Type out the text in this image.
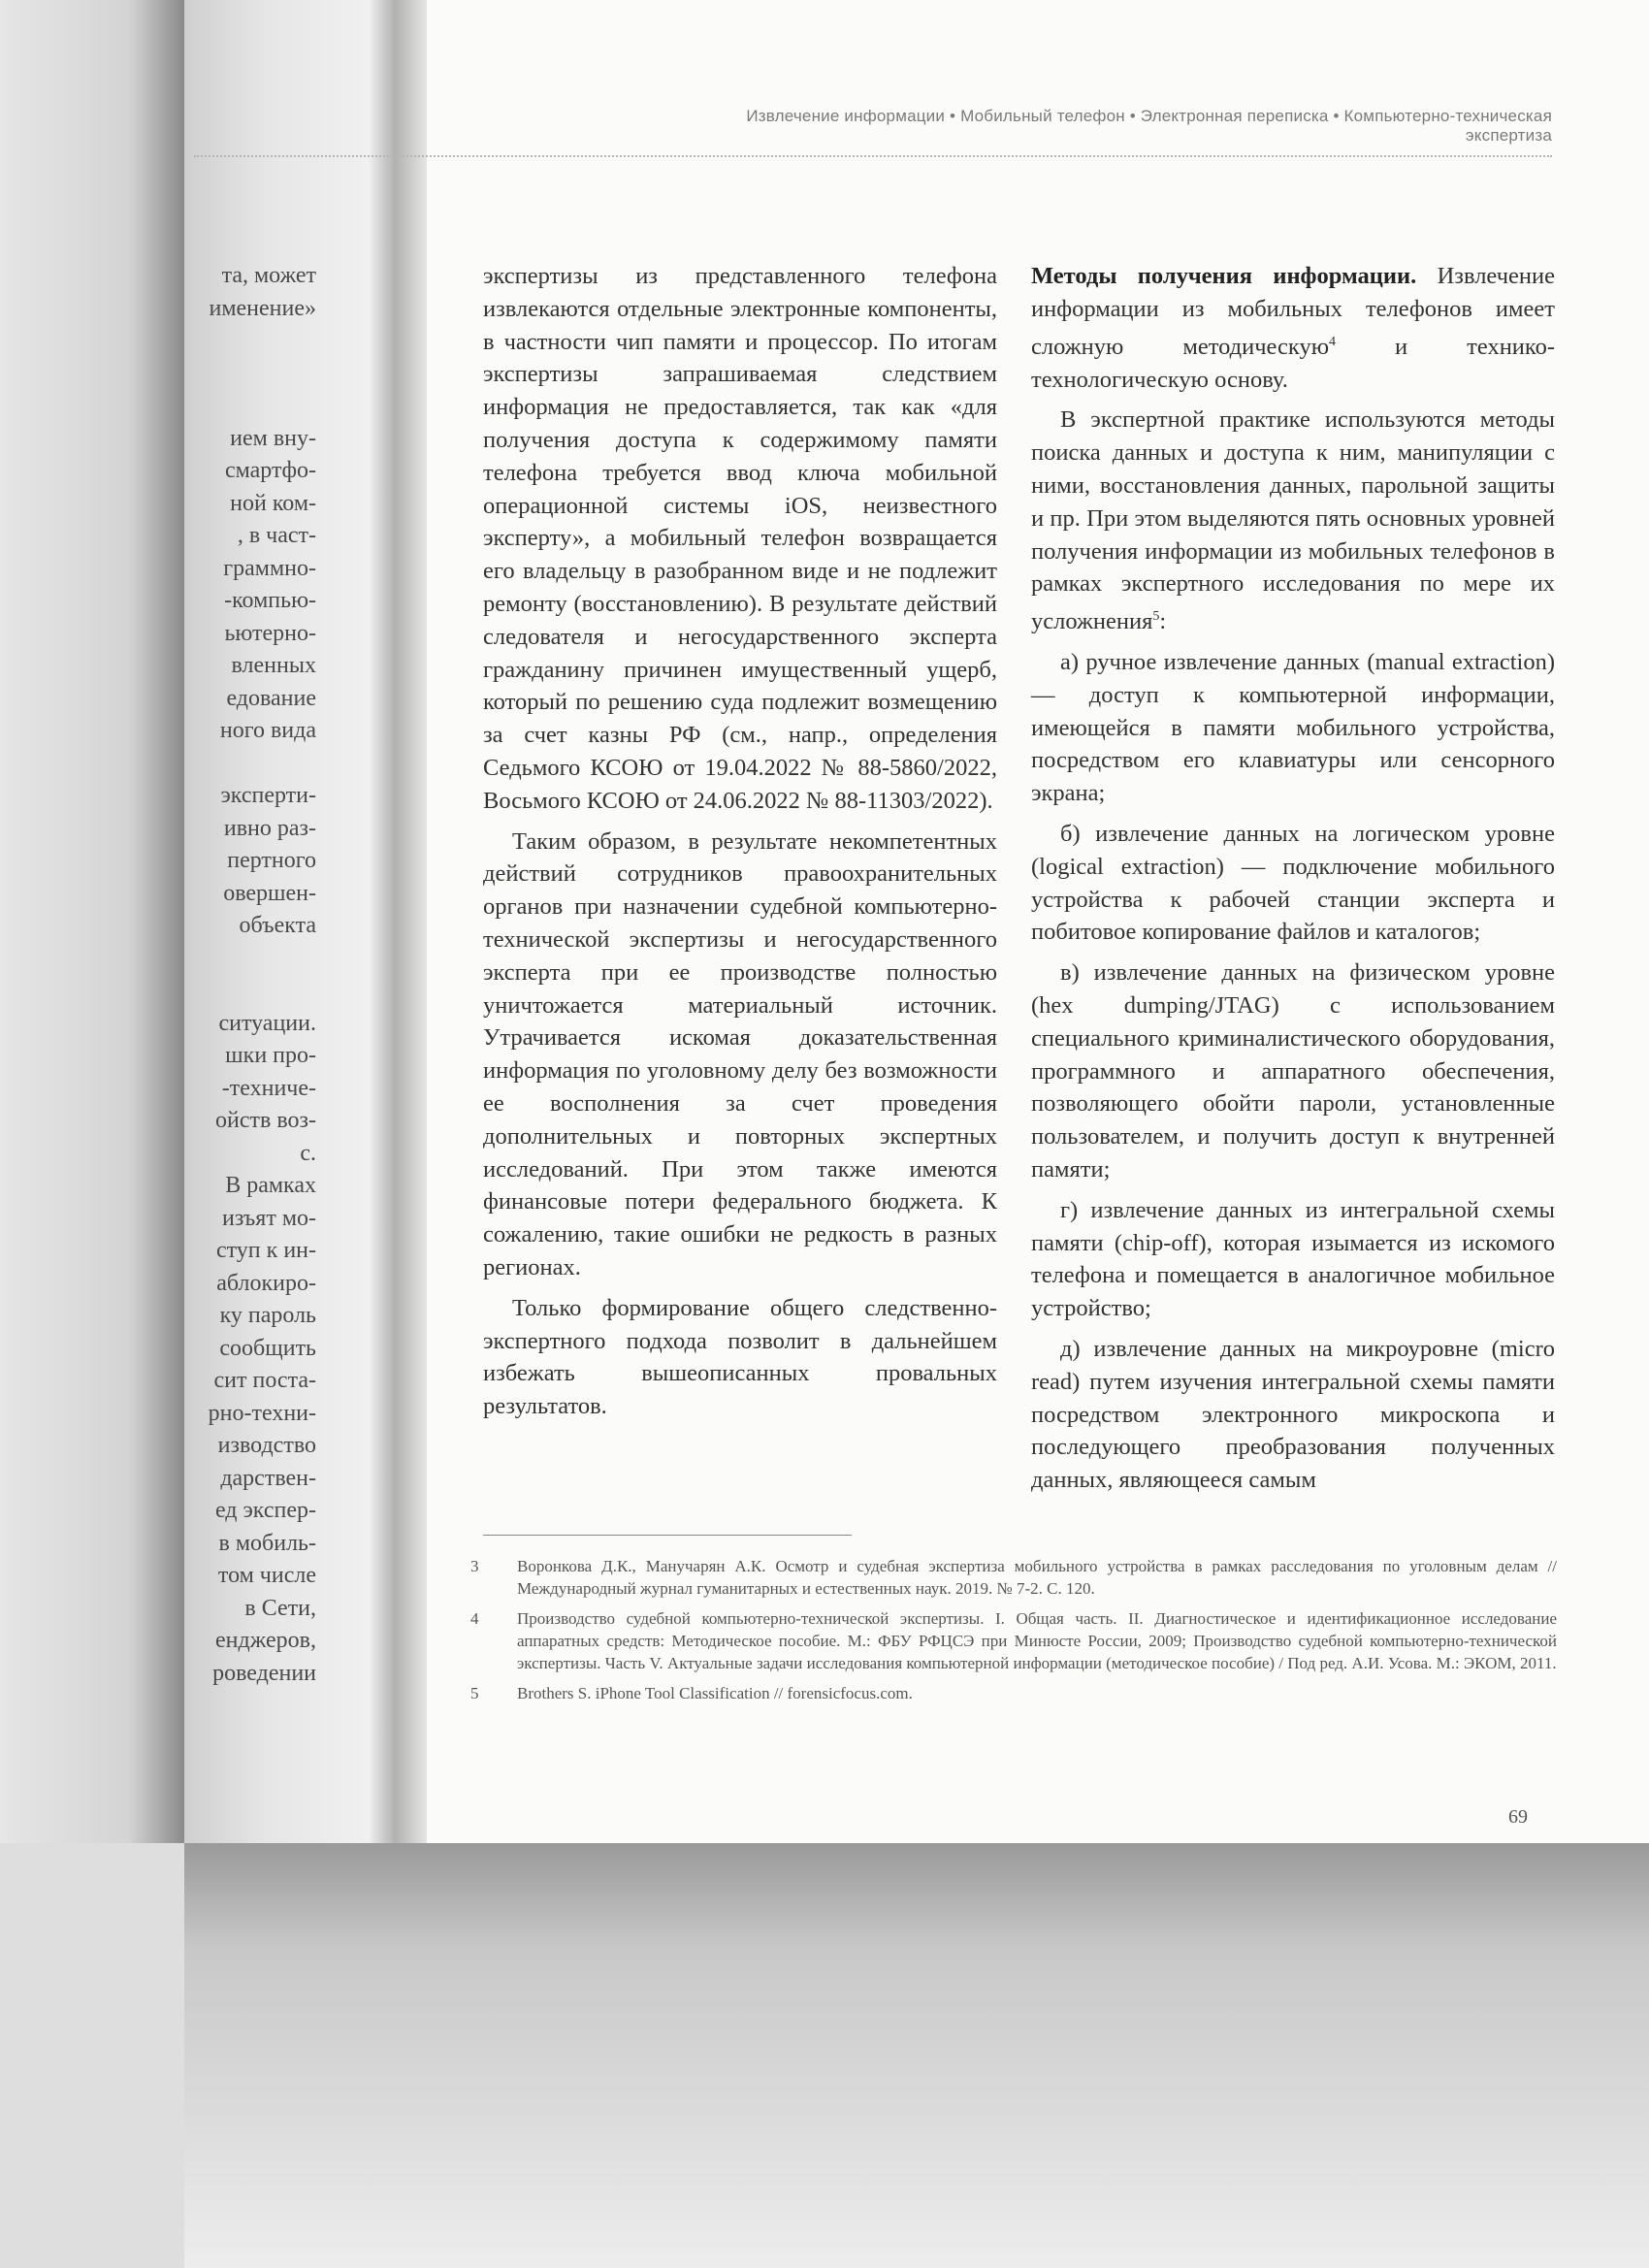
Извлечение информации • Мобильный телефон • Электронная переписка • Компьютерно-техническая экспертиза
та, может
именение»
ием вну-
смартфо-
ной ком-
, в част-
граммно-
-компью-
ьютерно-
вленных
едование
ного вида
эксперти-
ивно раз-
пертного
овершен-
объекта
ситуации.
шки про-
-техниче-
ойств воз-
с.
В рамках
изъят мо-
ступ к ин-
аблокиро-
ку пароль
сообщить
сит поста-
рно-техни-
изводство
дарствен-
ед экспер-
в мобиль-
том числе
в Сети,
енджеров,
роведении

экспертизы из представленного телефона извлекаются отдельные электронные компоненты, в частности чип памяти и процессор. По итогам экспертизы запрашиваемая следствием информация не предоставляется, так как «для получения доступа к содержимому памяти телефона требуется ввод ключа мобильной операционной системы iOS, неизвестного эксперту», а мобильный телефон возвращается его владельцу в разобранном виде и не подлежит ремонту (восстановлению). В результате действий следователя и негосударственного эксперта гражданину причинен имущественный ущерб, который по решению суда подлежит возмещению за счет казны РФ (см., напр., определения Седьмого КСОЮ от 19.04.2022 № 88-5860/2022, Восьмого КСОЮ от 24.06.2022 № 88-11303/2022).

Таким образом, в результате некомпетентных действий сотрудников правоохранительных органов при назначении судебной компьютерно-технической экспертизы и негосударственного эксперта при ее производстве полностью уничтожается материальный источник. Утрачивается искомая доказательственная информация по уголовному делу без возможности ее восполнения за счет проведения дополнительных и повторных экспертных исследований. При этом также имеются финансовые потери федерального бюджета. К сожалению, такие ошибки не редкость в разных регионах.

Только формирование общего следственно-экспертного подхода позволит в дальнейшем избежать вышеописанных провальных результатов.

Методы получения информации. Извлечение информации из мобильных телефонов имеет сложную методическую$^4$ и технико-технологическую основу.

В экспертной практике используются методы поиска данных и доступа к ним, манипуляции с ними, восстановления данных, парольной защиты и пр. При этом выделяются пять основных уровней получения информации из мобильных телефонов в рамках экспертного исследования по мере их усложнения$^5$:

а) ручное извлечение данных (manual extraction) — доступ к компьютерной информации, имеющейся в памяти мобильного устройства, посредством его клавиатуры или сенсорного экрана;

б) извлечение данных на логическом уровне (logical extraction) — подключение мобильного устройства к рабочей станции эксперта и побитовое копирование файлов и каталогов;

в) извлечение данных на физическом уровне (hex dumping/JTAG) с использованием специального криминалистического оборудования, программного и аппаратного обеспечения, позволяющего обойти пароли, установленные пользователем, и получить доступ к внутренней памяти;

г) извлечение данных из интегральной схемы памяти (chip-off), которая изымается из искомого телефона и помещается в аналогичное мобильное устройство;

д) извлечение данных на микроуровне (micro read) путем изучения интегральной схемы памяти посредством электронного микроскопа и последующего преобразования полученных данных, являющееся самым

3	Воронкова Д.К., Манучарян А.К. Осмотр и судебная экспертиза мобильного устройства в рамках расследования по уголовным делам // Международный журнал гуманитарных и естественных наук. 2019. № 7-2. С. 120.
4	Производство судебной компьютерно-технической экспертизы. I. Общая часть. II. Диагностическое и идентификационное исследование аппаратных средств: Методическое пособие. М.: ФБУ РФЦСЭ при Минюсте России, 2009; Производство судебной компьютерно-технической экспертизы. Часть V. Актуальные задачи исследования компьютерной информации (методическое пособие) / Под ред. А.И. Усова. М.: ЭКОМ, 2011.
5	Brothers S. iPhone Tool Classification // forensicfocus.com.
69
